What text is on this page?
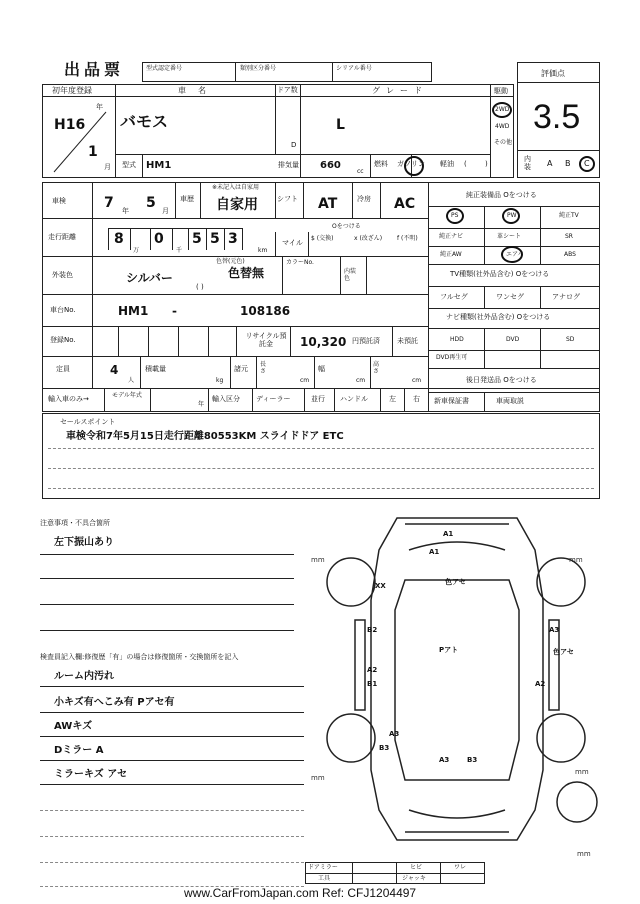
出品票	型式認定番号	類別区分番号	シリアル番号
評価点
3.5
内装 A B C
初年度登録	車名	ドア数	グレード
H16
年
1
月
バモス
D
L
型式 HM1	排気量 660
cc
燃料 ガソリン 軽油 (	)
駆動
2WD
4WD
その他
車検	7 年 5 月
車歴
※未記入は自家用
自家用	シフト AT	冷房 AC
走行距離	8 0 5 5 3
万	千	km
Oをつける
マイル
$ (交換)	x (改ざん) f (不明)
外装色	シルバー
色替(元色)
色替無
( )
カラーNo.
内装色
車台No.	HM1 -	108186
登録No.	リサイクル預託金	10,320 円預託済 未預託
定員	4
人
積載量
kg
諸元
長さ
cm
幅
cm
高さ
cm
輸入車のみ→	モデル年式
年
輸入区分 ディーラー	並行 ハンドル	左 右
純正装備品 Oをつける
PS	PW	純正TV
純正ナビ	革シート	SR
純正AW	エアバ	ABS
TV種類(社外品含む) Oをつける
フルセグ	ワンセグ	アナログ
ナビ種類(社外品含む) Oをつける
HDD	DVD	SD
DVD再生可
後日発送品 Oをつける
新車保証書	車両取説
セールスポイント
車検令和7年5月15日走行距離80553KM スライドドア ETC
注意事項・不具合箇所
左下振山あり
検査員記入欄:修復歴「有」の場合は修復箇所・交換箇所を記入
ルーム内汚れ
小キズ有へこみ有 Pアセ有
AWキズ
Dミラー A
ミラーキズ アセ
A1
A1
XX	色アセ
B2
Pアト
A3
色アセ
A2
B1	A2
A3
B3
A3	B3
mm	mm
mm
mm
mm
ドアミラー	ヒビ	ワレ
工具	ジャッキ
www.CarFromJapan.com Ref: CFJ1204497
